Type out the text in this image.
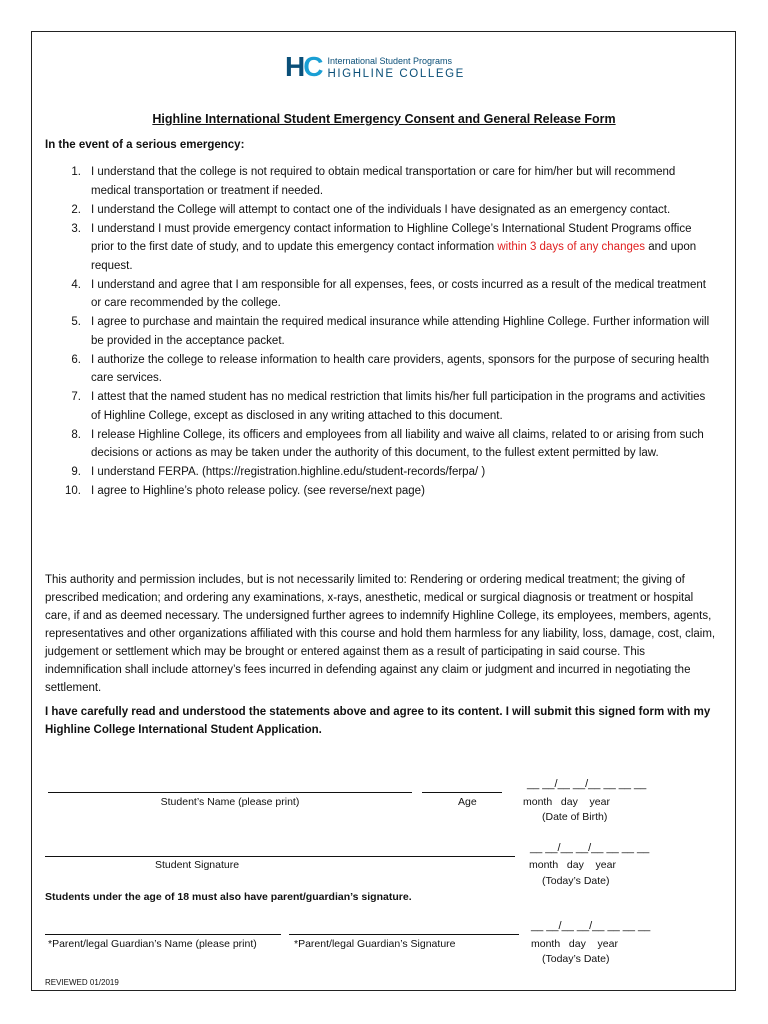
HC International Student Programs
HIGHLINE COLLEGE
Highline International Student Emergency Consent and General Release Form
In the event of a serious emergency:
1. I understand that the college is not required to obtain medical transportation or care for him/her but will recommend medical transportation or treatment if needed.
2. I understand the College will attempt to contact one of the individuals I have designated as an emergency contact.
3. I understand I must provide emergency contact information to Highline College’s International Student Programs office prior to the first date of study, and to update this emergency contact information within 3 days of any changes and upon request.
4. I understand and agree that I am responsible for all expenses, fees, or costs incurred as a result of the medical treatment or care recommended by the college.
5. I agree to purchase and maintain the required medical insurance while attending Highline College. Further information will be provided in the acceptance packet.
6. I authorize the college to release information to health care providers, agents, sponsors for the purpose of securing health care services.
7. I attest that the named student has no medical restriction that limits his/her full participation in the programs and activities of Highline College, except as disclosed in any writing attached to this document.
8. I release Highline College, its officers and employees from all liability and waive all claims, related to or arising from such decisions or actions as may be taken under the authority of this document, to the fullest extent permitted by law.
9. I understand FERPA. (https://registration.highline.edu/student-records/ferpa/ )
10. I agree to Highline’s photo release policy. (see reverse/next page)
This authority and permission includes, but is not necessarily limited to: Rendering or ordering medical treatment; the giving of prescribed medication; and ordering any examinations, x-rays, anesthetic, medical or surgical diagnosis or treatment or hospital care, if and as deemed necessary. The undersigned further agrees to indemnify Highline College, its employees, members, agents, representatives and other organizations affiliated with this course and hold them harmless for any liability, loss, damage, cost, claim, judgement or settlement which may be brought or entered against them as a result of participating in said course. This indemnification shall include attorney’s fees incurred in defending against any claim or judgment and incurred in negotiating the settlement.
I have carefully read and understood the statements above and agree to its content. I will submit this signed form with my Highline College International Student Application.
Student’s Name (please print)	Age
__ __/__ __/__ __ __ __
month   day    year
(Date of Birth)
Student Signature
__ __/__ __/__ __ __ __
month   day    year
(Today’s Date)
Students under the age of 18 must also have parent/guardian’s signature.
*Parent/legal Guardian’s Name (please print)	*Parent/legal Guardian’s Signature
__ __/__ __/__ __ __ __
month   day    year
(Today’s Date)
REVIEWED 01/2019
